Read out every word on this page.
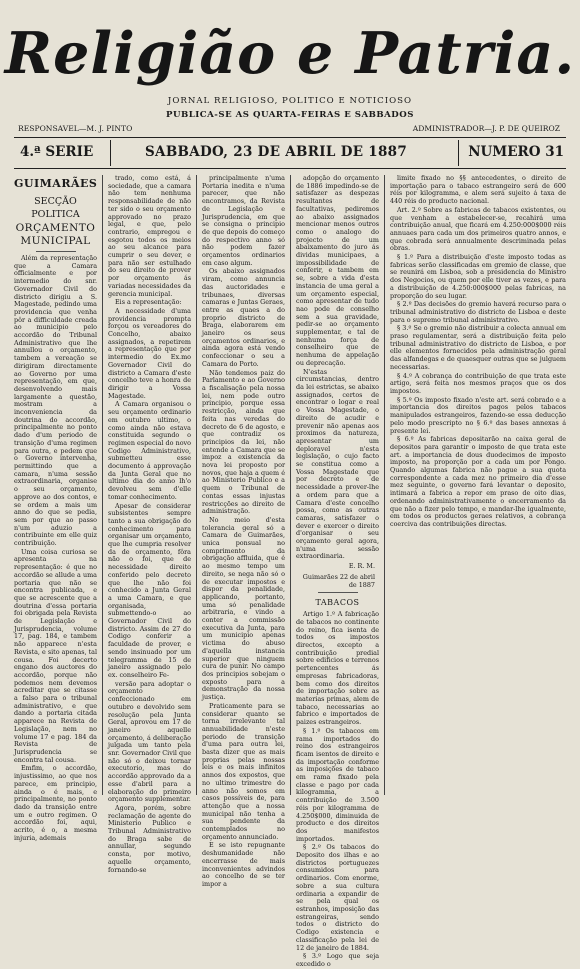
Religião e Patria.
JORNAL RELIGIOSO, POLITICO E NOTICIOSO
PUBLICA-SE AS QUARTA-FEIRAS E SABBADOS
RESPONSAVEL—M. J. PINTO	ADMINISTRADOR—J. P. DE QUEIROZ
4.ª SERIE	SABBADO, 23 DE ABRIL DE 1887	NUMERO 31
GUIMARÃES
SECÇÃO POLITICA
ORÇAMENTO MUNICIPAL

Além da representação que a Camara officialmente e por intermedio do snr. Governador Civil do districto dirigiu a S. Magestade, pedindo uma providencia que venha pôr a difficuldade creada ao municipio pelo accordão do Tribunal Administrativo que lhe annullou o orçamento, tambem a vereação se dirigiram directamente ao Governo por uma representação, em que, desenvolvendo mais largamente a questão, mostram a inconveniencia da doutrina do accordão, principalmente no ponto dado d'um periodo de transição d'uma regimen para outra, e pedem que o Governo intervenha, permittindo que a camara, n'uma sessão extraordinaria, organise o seu orçamento, approve ao dos contos, e se ordem a mais um anno do que se pedia, sem por que ao passo n'um aduzio a contribuinte em elle quiz contribuição.

Uma coisa curiosa se apresenta na representação: é que no accordão se allude a uma portaria que não se encontra publicada, e que se acrescente que a doutrina d'essa portaria foi obrigada pela Revista de Legislação e Jurisprudencia, volume 17, pag. 184, e tambem não apparece n'esta Revista, e sito apenas, tal cousa. Foi decerto engano dos auctores do accordão, porque não podemos nem devemos acreditar que se citasse a falso para o tribunal administrativo, e que dando a portaria citada apparece na Revista de Legislação, nem no volume 17 e pag. 184 da Revista de Jurisprudencia se encontra tal cousa.

Emfim, o accordão, injustissimo, ao que nos parece, em principio, ainda o é mais, e principalmente, no ponto dado da transição entre um e outro regimen. O accordão foi, aqui, acrito, é o, a mesma injuria, ademais

trado, como está, á sociedade, que a camara não tem nenhuma responsabilidade de não ter sido o seu orçamento approvado no prazo legal, e que, pelo contrario, empregou e esgotou todos os meios ao seu alcance para cumprir o seu dever, e para não ser estulhado do seu direito de prover por orçamento ás variadas necessidades da gerencia municipal.

Eis a representação:

A necessidade d'uma providencia prompta forçou os vereadores do Concelho, abaixo assignados, a repetirem a representação que por intermedio do Ex.mo Governador Civil do districto a Camara d'este concelho teve a honra de dirigir a Vossa Magestade.

A Camara organisou o seu orçamento ordinario em outubro ultimo, o como ainda não estava constituida segundo o regimen especial do novo Codigo Administrativo, submetteu esse documento á approvação da Junta Geral que no ultimo dia do anno lh'o devolveu sem d'elle tomar conhecimento.

Apesar de considerar subsistentes sempre tanto a sua obrigação do conhecimento para organisar um orçamento, que lhe cumpria resolver da de orçamento, fôra não o foi, que de necessidade direito conferido pelo decreto que lhe não foi conhecido a Junta Geral a uma Camara, e que organisada, submettendo-o ao Governador Civil do districto. Assim de 27 do Codigo conferir a faculdade de prover, e sendo insinuado por um telegramma de 15 de janeiro assignado pelo ex. conselheiro Fe-

versão para adoptar o orçamento confeccionado em outubro e devolvido sem resolução pela Junta Geral, aprovou em 17 de janeiro aquelle orçamento, á deliberação julgada um tanto pela snr. Governador Civil que não só o deixou tornar executorio, mas do accordão approvado da a esse d'abril para a elaboração do primeiro orçamento supplementar.

Agora, porém, sobre reclamação de agente do Ministerio Publico e Tribunal Administrativo do Braga sabe de annullar, segundo consta, por motivo, aquelle orçamento, fornando-se

principalmente n'uma Portaria inedita e n'uma parecer, que não encontramos, da Revista de Legislação e Jurisprudencia, em que se consigna o principio de que depois do começo do respectivo anno só não podem fazer orçamentos ordinarios em caso algum.

Os abaixo assignados viram, como annuncia das auctoridades e tribunaes, diversas camaras e Juntas Geraes, entre as quaes a do proprio districto de Braga, elaborarem em janeiro os seus orçamentos ordinarios, e ainda agora está vendo confeccionar o seu a Camara do Porto.

Não tendemos paiz do Parlamento e ao Governo a fiscalisação pela nossa lei, nem pode outro principio, porque essa restricção, ainda que feita nas veredas do decreto de 6 de agosto, e que contradiz os principios da lei, não entende a Camara que se impoz a existencia da nova lei proposto por novos, que haja a quem é ao Ministerio Publico e a quem o Tribunal de contas essas injustas restricções ao direito de administração.

No meio d'esta tolerancia geral só a Camara de Guimarães, unica ponsual no comprimento da obrigação affluida, que é ao mesmo tempo um direito, se nega não só o de executar impostos e dispor da penalidade, applicando, portanto, uma só penalidade arbitraria, e vindo a conter a commissão executiva da Junta, para um municipio apenas victima do abuso d'aquella instancia superior que ninguem cura de punir. No campo dos principios sobejam o exposto para a demonstração da nossa justiça.

Praticamente para se considerar quanto se torna irrelevante tal annuabilidade n'este periodo de transição d'uma para outra lei, basta dizer que as mais proprias pelas nossas leis e os mais infinitos annos dos expostos, que no ultimo trimestre do anno não somos em casos possíveis de, para attenção que a nossa municipal não tenha a sua pendente da contemplados no orçamento annunciado.

E se isto repugnante deshumanidade não encerrasse de mais inconvenientes advindos ao concelho de se ter impor a

adopção do orçamento de 1886 impedindo-se de satisfazer as despezas resultantes de facultativas, pediremos ao abaixo assignados mencionar menos outros como o analogo do projecto de um abaixamento do juro ás dividas municipaes, a impossibilidade de conferir, e tambem em se, sobre a vida d'esta instancia de uma geral a um orçamento especial, como apresentar de tudo nao pode de conselho sem a sua gravidade, pedir-se ao orçamento supplementar, e tal de nenhuma força de conselheiro que de nenhuma de appelação ou deprecação.

N'estas circumstancias, dentro da lei estrictas, se abaixo assignados, certos de encontrar o logar e real o Vossa Magestade, o direito de acudir e prevenir não apenas aos proximos da natureza, apresentar um deploravel n'esta legislação, o cujo facto se constitua como a Vossa Magestade que por decreto e de necessidade a prover-lhe a ordem para que a Camara d'este concelho possa, como as outras camaras, satisfazer o dever e exercer o direito d'organisar o seu orçamento geral agora, n'uma sessão extraordinaria.

E. R. M.
Guimarães 22 de abril de 1887
TABACOS

Artigo 1.º A fabricação de tabacos no continente do reino, fica isenta de todos os impostos directos, excepto a contribuição predial sobre edificios e terrenos pertencentes ás empresas fabricadoras, bem como dos direitos de importação sobre as materias primas, alem de tabaco, necessarias ao fabrico e importados de paizes estrangeiros.

§ 1.º Os tabacos em rama importados do reino dos estrangeiros ficam isentos de direito e da importação conforme as imposições de tabaco em rama fixado pela classe e pago por cada kilogramma, a contribuição de 3.500 réis por kilogramma de 4.250$000, diminuida de producto e dos direitos dos manifestos importados.

§ 2.º Os tabacos do Deposito dos ilhas e ao districtos portuguezes consumidos para ordinarios. Com enorme, sobre a sua cultura ordinaria a expandir de se pela qual os estranhos, imposição das estrangeiras, sendo todos o districto do Codigo existencia e classificação pela lei de 12 de janeiro de 1884.

§ 3.º Logo que seja excedido o

limite fixado no §§ antecedentes, o direito de importação para o tabaco estrangeiro será de 600 réis por kilogramma, e alem será sujeito á taxa de 440 réis do producto nacional.

Art. 2.º Sobre as fabricas de tabacos existentes, ou que venham a estabelecer-se, recahirá uma contribuição anual, que ficará em 4.250:000$000 réis annuaes para cada um dos primeiros quatro annos, e que cobrada será annualmente descriminada pelas obras.

§ 1.º Para a distribuição d'este imposto todas as fabricas serão classificadas em gremio de classe, que se reunirá em Lisboa, sob a presidencia do Ministro dos Negocios, ou quem por elle tiver as vezes, e para a distribuição de 4.250:000$000 pelas fabricas, na proporção do seu lugar.

§ 2.º Das decisões do gremio haverá recurso para o tribunal administrativo do districto de Lisboa e deste para o supremo tribunal administrativo.

§ 3.º Se o gremio não distribuir a colecta annual em praso regulamentar, será a distribuição feita pelo tribunal administrativo do districto de Lisboa, e por elle elementos fornecidos pela administração geral das alfandegas e de quaesquer outras que se julguem necessarias.

§ 4.º A cobrança do contribuição de que trata este artigo, será feita nos mesmos praços que os dos impostos.

§ 5.º Os imposto fixado n'este art. será cobrado e a importancia dos direitos pagos pelos tabacos manipulados estrangeiros, fazendo-se essa deducção pelo modo prescripto no § 6.º das bases annexas á presente lei.

§ 6.º As fabricas depositarão na caixa geral de depositos para garantir o imposto de que trata este art. a importancia de dous duodecimos de imposto imposto, na proporção por a cada um por Pongo. Quando algumas fabrica não pague a sua quota correspondente a cada mez no primeiro dia d'esse mez seguinte, o governo fará levantar o deposito, intimará a fabrica a repor em praso de oito dias, ordenando administrativamente o encerramento da que não a fizer pelo tempo, e mandar-lhe igualmente, em todos os productos geraes relativos, a cobrança coerciva das contribuições directas.
